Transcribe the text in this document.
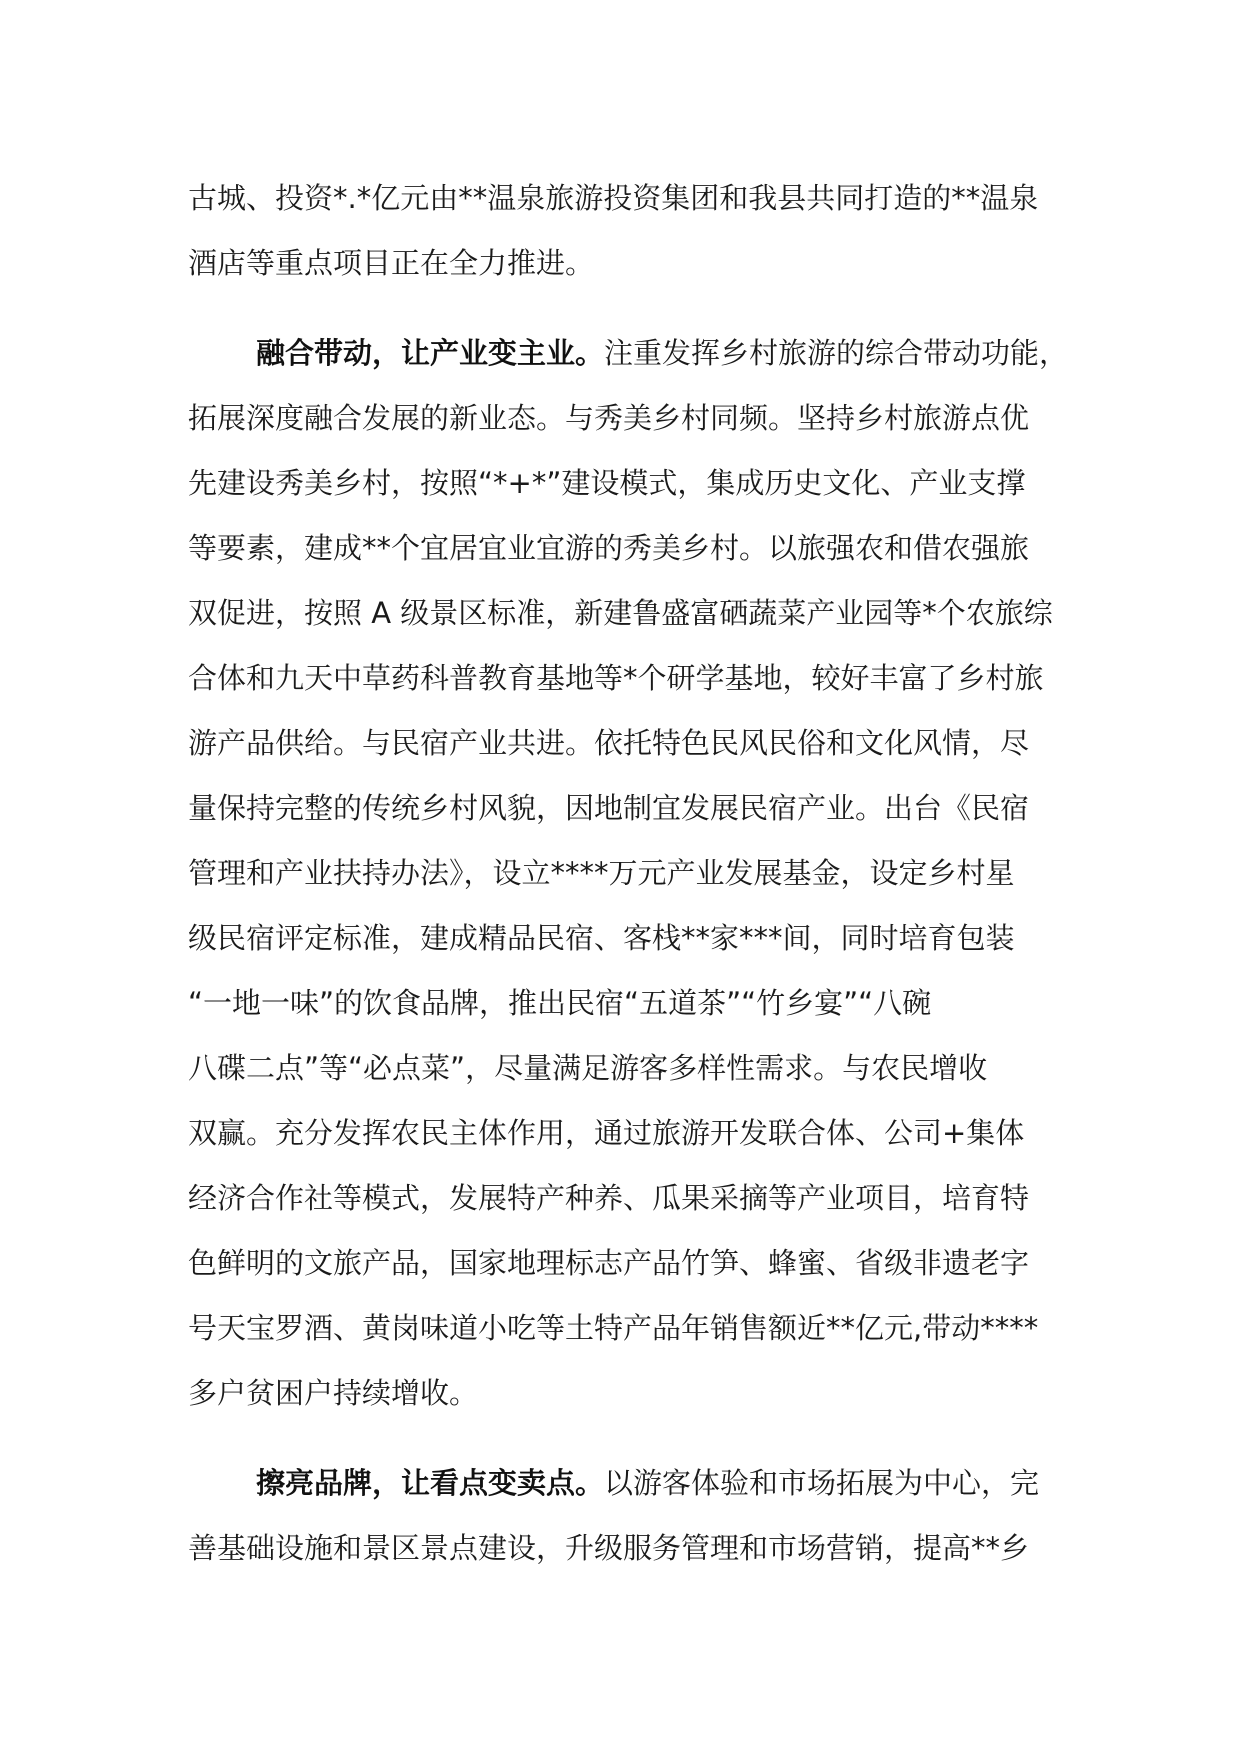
古城、投资*.*亿元由**温泉旅游投资集团和我县共同打造的**温泉
酒店等重点项目正在全力推进。
融合带动，让产业变主业。注重发挥乡村旅游的综合带动功能，
拓展深度融合发展的新业态。与秀美乡村同频。坚持乡村旅游点优
先建设秀美乡村，按照“*+*”建设模式，集成历史文化、产业支撑
等要素，建成**个宜居宜业宜游的秀美乡村。以旅强农和借农强旅
双促进，按照 A 级景区标准，新建鲁盛富硒蔬菜产业园等*个农旅综
合体和九天中草药科普教育基地等*个研学基地，较好丰富了乡村旅
游产品供给。与民宿产业共进。依托特色民风民俗和文化风情，尽
量保持完整的传统乡村风貌，因地制宜发展民宿产业。出台《民宿
管理和产业扶持办法》，设立****万元产业发展基金，设定乡村星
级民宿评定标准，建成精品民宿、客栈**家***间，同时培育包装
“一地一味”的饮食品牌，推出民宿“五道茶”“竹乡宴”“八碗
八碟二点”等“必点菜”，尽量满足游客多样性需求。与农民增收
双赢。充分发挥农民主体作用，通过旅游开发联合体、公司+集体
经济合作社等模式，发展特产种养、瓜果采摘等产业项目，培育特
色鲜明的文旅产品，国家地理标志产品竹笋、蜂蜜、省级非遗老字
号天宝罗酒、黄岗味道小吃等土特产品年销售额近**亿元,带动****
多户贫困户持续增收。
擦亮品牌，让看点变卖点。以游客体验和市场拓展为中心，完
善基础设施和景区景点建设，升级服务管理和市场营销，提高**乡
